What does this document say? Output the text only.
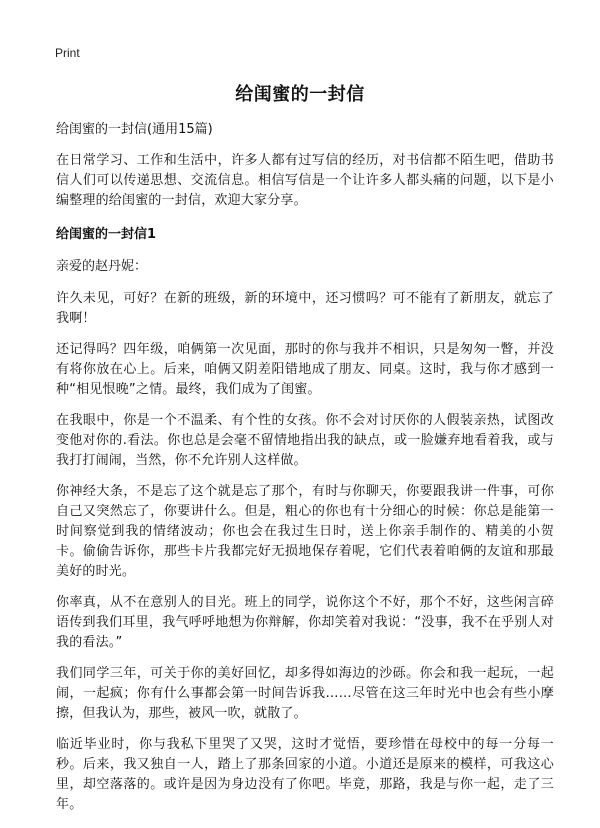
Print
给闺蜜的一封信

给闺蜜的一封信(通用15篇)

在日常学习、工作和生活中，许多人都有过写信的经历，对书信都不陌生吧，借助书信人们可以传递思想、交流信息。相信写信是一个让许多人都头痛的问题，以下是小编整理的给闺蜜的一封信，欢迎大家分享。

给闺蜜的一封信1

亲爱的赵丹妮：

许久未见，可好？在新的班级，新的环境中，还习惯吗？可不能有了新朋友，就忘了我啊！

还记得吗？四年级，咱俩第一次见面，那时的你与我并不相识，只是匆匆一瞥，并没有将你放在心上。后来，咱俩又阴差阳错地成了朋友、同桌。这时，我与你才感到一种“相见恨晚”之情。最终，我们成为了闺蜜。

在我眼中，你是一个不温柔、有个性的女孩。你不会对讨厌你的人假装亲热，试图改变他对你的.看法。你也总是会毫不留情地指出我的缺点，或一脸嫌弃地看着我，或与我打打闹闹，当然，你不允许别人这样做。

你神经大条，不是忘了这个就是忘了那个，有时与你聊天，你要跟我讲一件事，可你自己又突然忘了，你要讲什么。但是，粗心的你也有十分细心的时候：你总是能第一时间察觉到我的情绪波动；你也会在我过生日时，送上你亲手制作的、精美的小贺卡。偷偷告诉你，那些卡片我都完好无损地保存着呢，它们代表着咱俩的友谊和那最美好的时光。

你率真，从不在意别人的目光。班上的同学，说你这个不好，那个不好，这些闲言碎语传到我们耳里，我气呼呼地想为你辩解，你却笑着对我说：“没事，我不在乎别人对我的看法。”

我们同学三年，可关于你的美好回忆，却多得如海边的沙砾。你会和我一起玩，一起闹，一起疯；你有什么事都会第一时间告诉我……尽管在这三年时光中也会有些小摩擦，但我认为，那些，被风一吹，就散了。

临近毕业时，你与我私下里哭了又哭，这时才觉悟，要珍惜在母校中的每一分每一秒。后来，我又独自一人，踏上了那条回家的小道。小道还是原来的模样，可我这心里，却空落落的。或许是因为身边没有了你吧。毕竟，那路，我是与你一起，走了三年。
